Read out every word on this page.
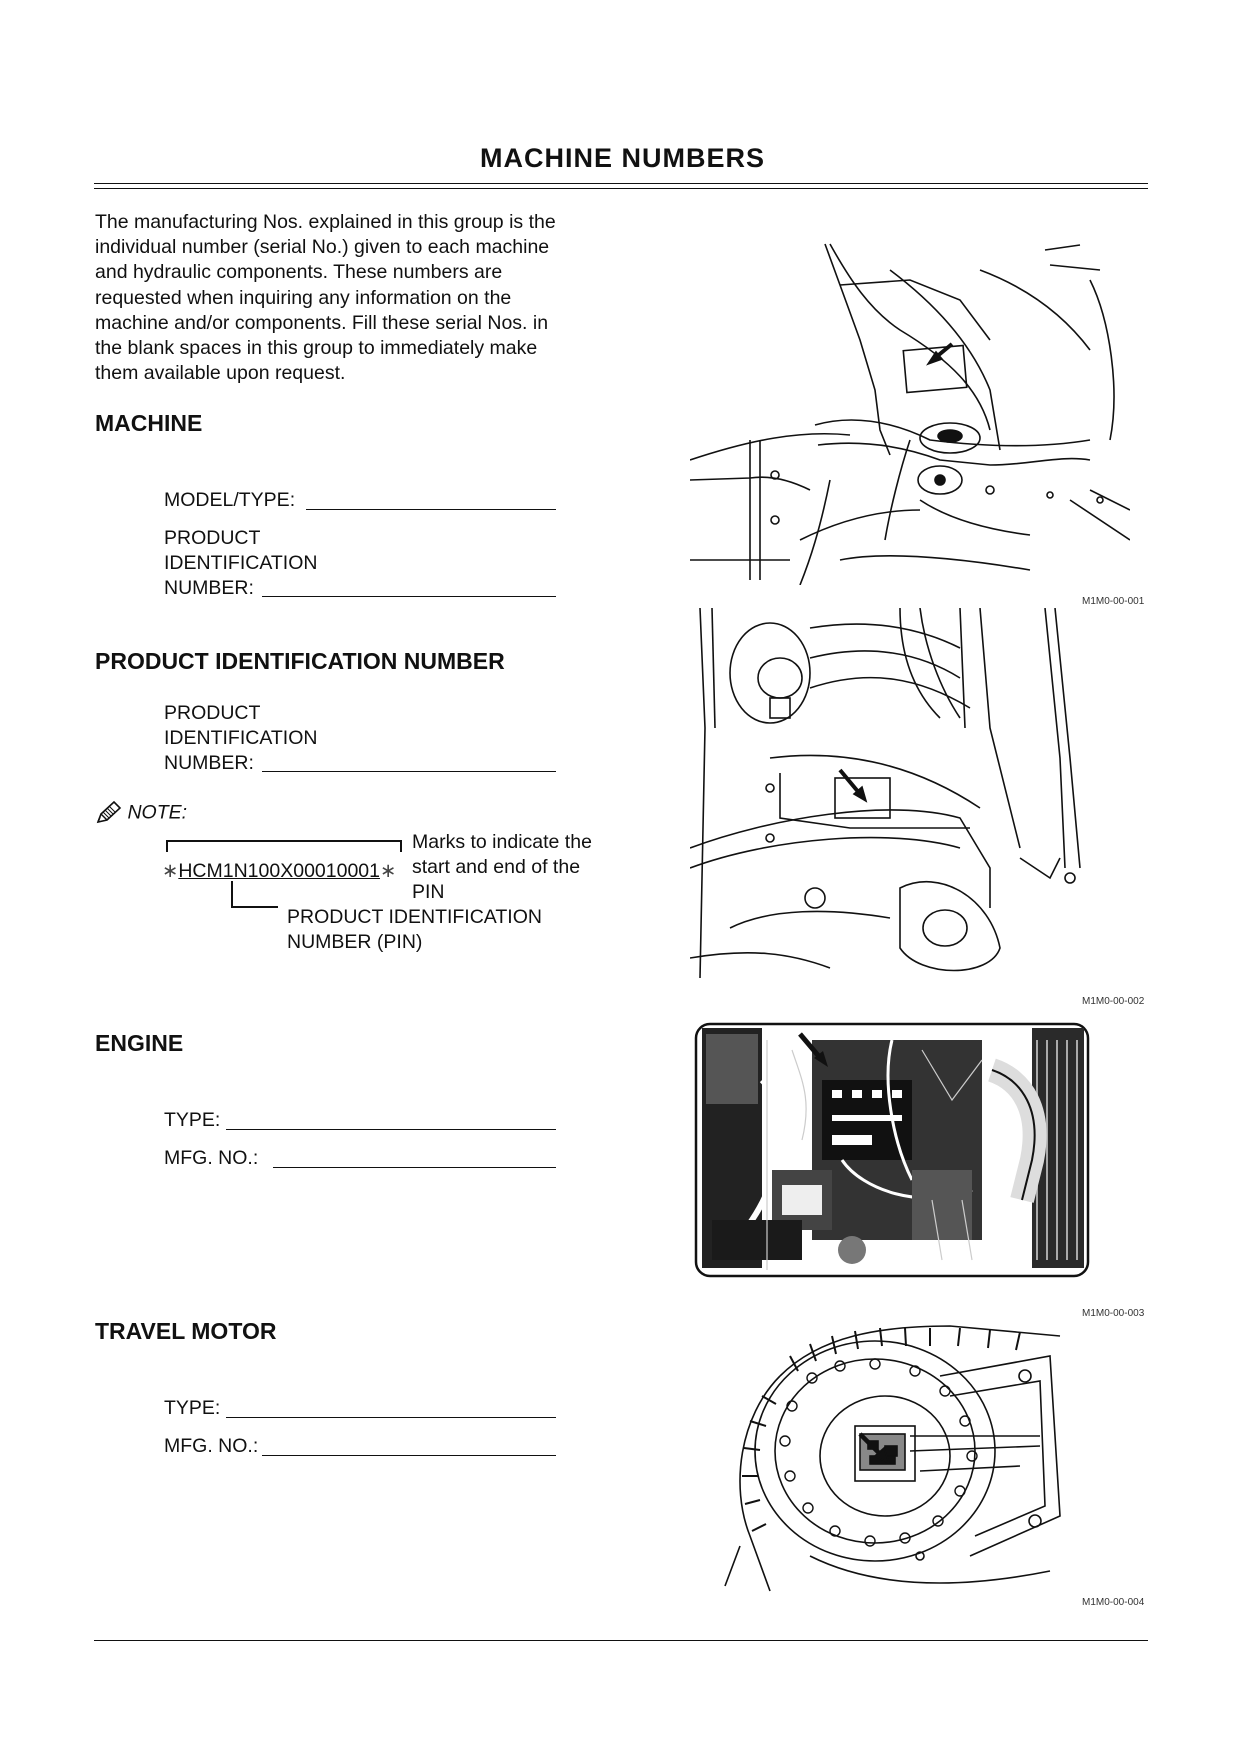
MACHINE NUMBERS
The manufacturing Nos. explained in this group is the
individual number (serial No.) given to each machine
and hydraulic components. These numbers are
requested when inquiring any information on the
machine and/or components. Fill these serial Nos. in
the blank spaces in this group to immediately make
them available upon request.
MACHINE
MODEL/TYPE:
PRODUCT
IDENTIFICATION
NUMBER:
PRODUCT IDENTIFICATION NUMBER
PRODUCT
IDENTIFICATION
NUMBER:
NOTE:
∗HCM1N100X00010001∗
Marks to indicate the
start and end of the
PIN
PRODUCT IDENTIFICATION
NUMBER (PIN)
ENGINE
TYPE:
MFG. NO.:
TRAVEL MOTOR
TYPE:
MFG. NO.:
M1M0-00-001
M1M0-00-002
M1M0-00-003
M1M0-00-004
